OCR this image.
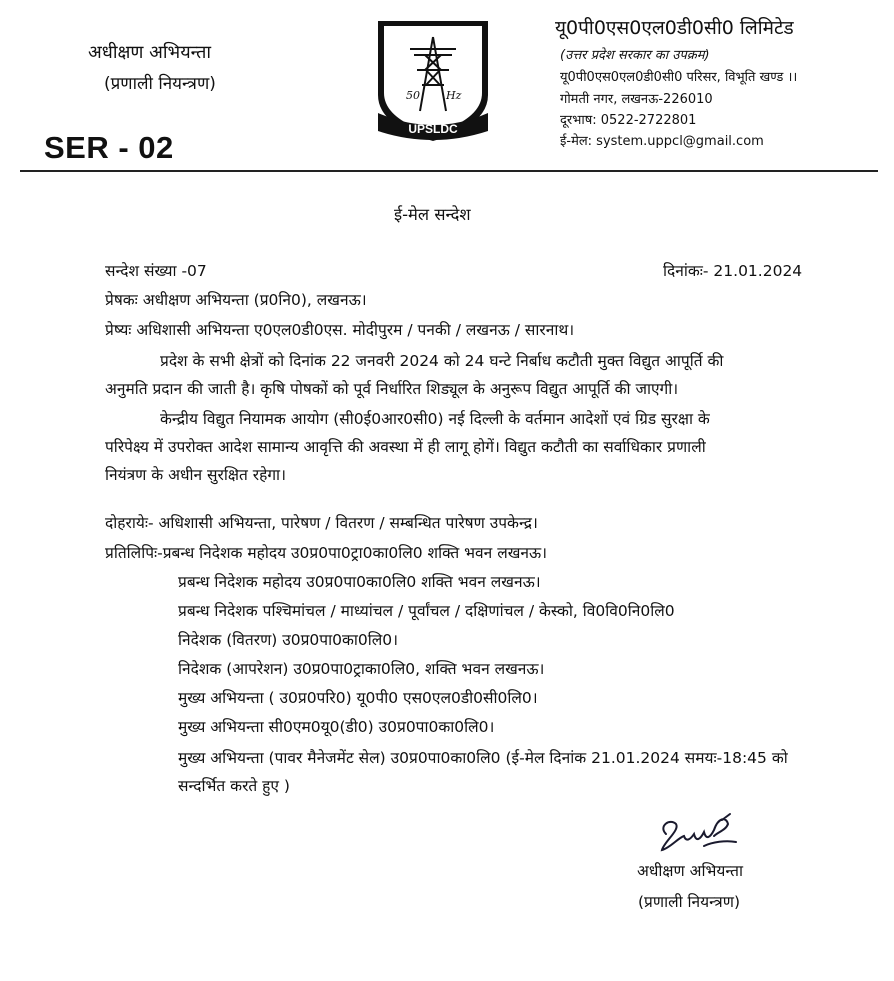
अधीक्षण अभियन्ता
(प्रणाली नियन्त्रण)
SER - 02
50 Hz
UPSLDC
यू0पी0एस0एल0डी0सी0 लिमिटेड
(उत्तर प्रदेश सरकार का उपक्रम)
यू0पी0एस0एल0डी0सी0 परिसर, विभूति खण्ड ।।
गोमती नगर, लखनऊ-226010
दूरभाष: 0522-2722801
ई-मेल: system.uppcl@gmail.com
ई-मेल सन्देश
सन्देश संख्या -07	दिनांकः- 21.01.2024
प्रेषकः अधीक्षण अभियन्ता (प्र0नि0), लखनऊ।
प्रेष्यः अधिशासी अभियन्ता ए0एल0डी0एस. मोदीपुरम / पनकी / लखनऊ / सारनाथ।
प्रदेश के सभी क्षेत्रों को दिनांक 22 जनवरी 2024 को 24 घन्टे निर्बाध कटौती मुक्त विद्युत आपूर्ति की
अनुमति प्रदान की जाती है। कृषि पोषकों को पूर्व निर्धारित शिड्यूल के अनुरूप विद्युत आपूर्ति की जाएगी।
केन्द्रीय विद्युत नियामक आयोग (सी0ई0आर0सी0) नई दिल्ली के वर्तमान आदेशों एवं ग्रिड सुरक्षा के
परिपेक्ष्य में उपरोक्त आदेश सामान्य आवृत्ति की अवस्था में ही लागू होगें। विद्युत कटौती का सर्वाधिकार प्रणाली
नियंत्रण के अधीन सुरक्षित रहेगा।
दोहरायेः- अधिशासी अभियन्ता, पारेषण / वितरण / सम्बन्धित पारेषण उपकेन्द्र।
प्रतिलिपिः-प्रबन्ध निदेशक महोदय उ0प्र0पा0ट्रा0का0लि0 शक्ति भवन लखनऊ।
प्रबन्ध निदेशक महोदय उ0प्र0पा0का0लि0 शक्ति भवन लखनऊ।
प्रबन्ध निदेशक पश्चिमांचल / माध्यांचल / पूर्वांचल / दक्षिणांचल / केस्को, वि0वि0नि0लि0
निदेशक (वितरण) उ0प्र0पा0का0लि0।
निदेशक (आपरेशन) उ0प्र0पा0ट्राका0लि0, शक्ति भवन लखनऊ।
मुख्य अभियन्ता ( उ0प्र0परि0) यू0पी0 एस0एल0डी0सी0लि0।
मुख्य अभियन्ता सी0एम0यू0(डी0) उ0प्र0पा0का0लि0।
मुख्य अभियन्ता (पावर मैनेजमेंट सेल) उ0प्र0पा0का0लि0 (ई-मेल दिनांक 21.01.2024 समयः-18:45 को
सन्दर्भित करते हुए )
अधीक्षण अभियन्ता
(प्रणाली नियन्त्रण)
